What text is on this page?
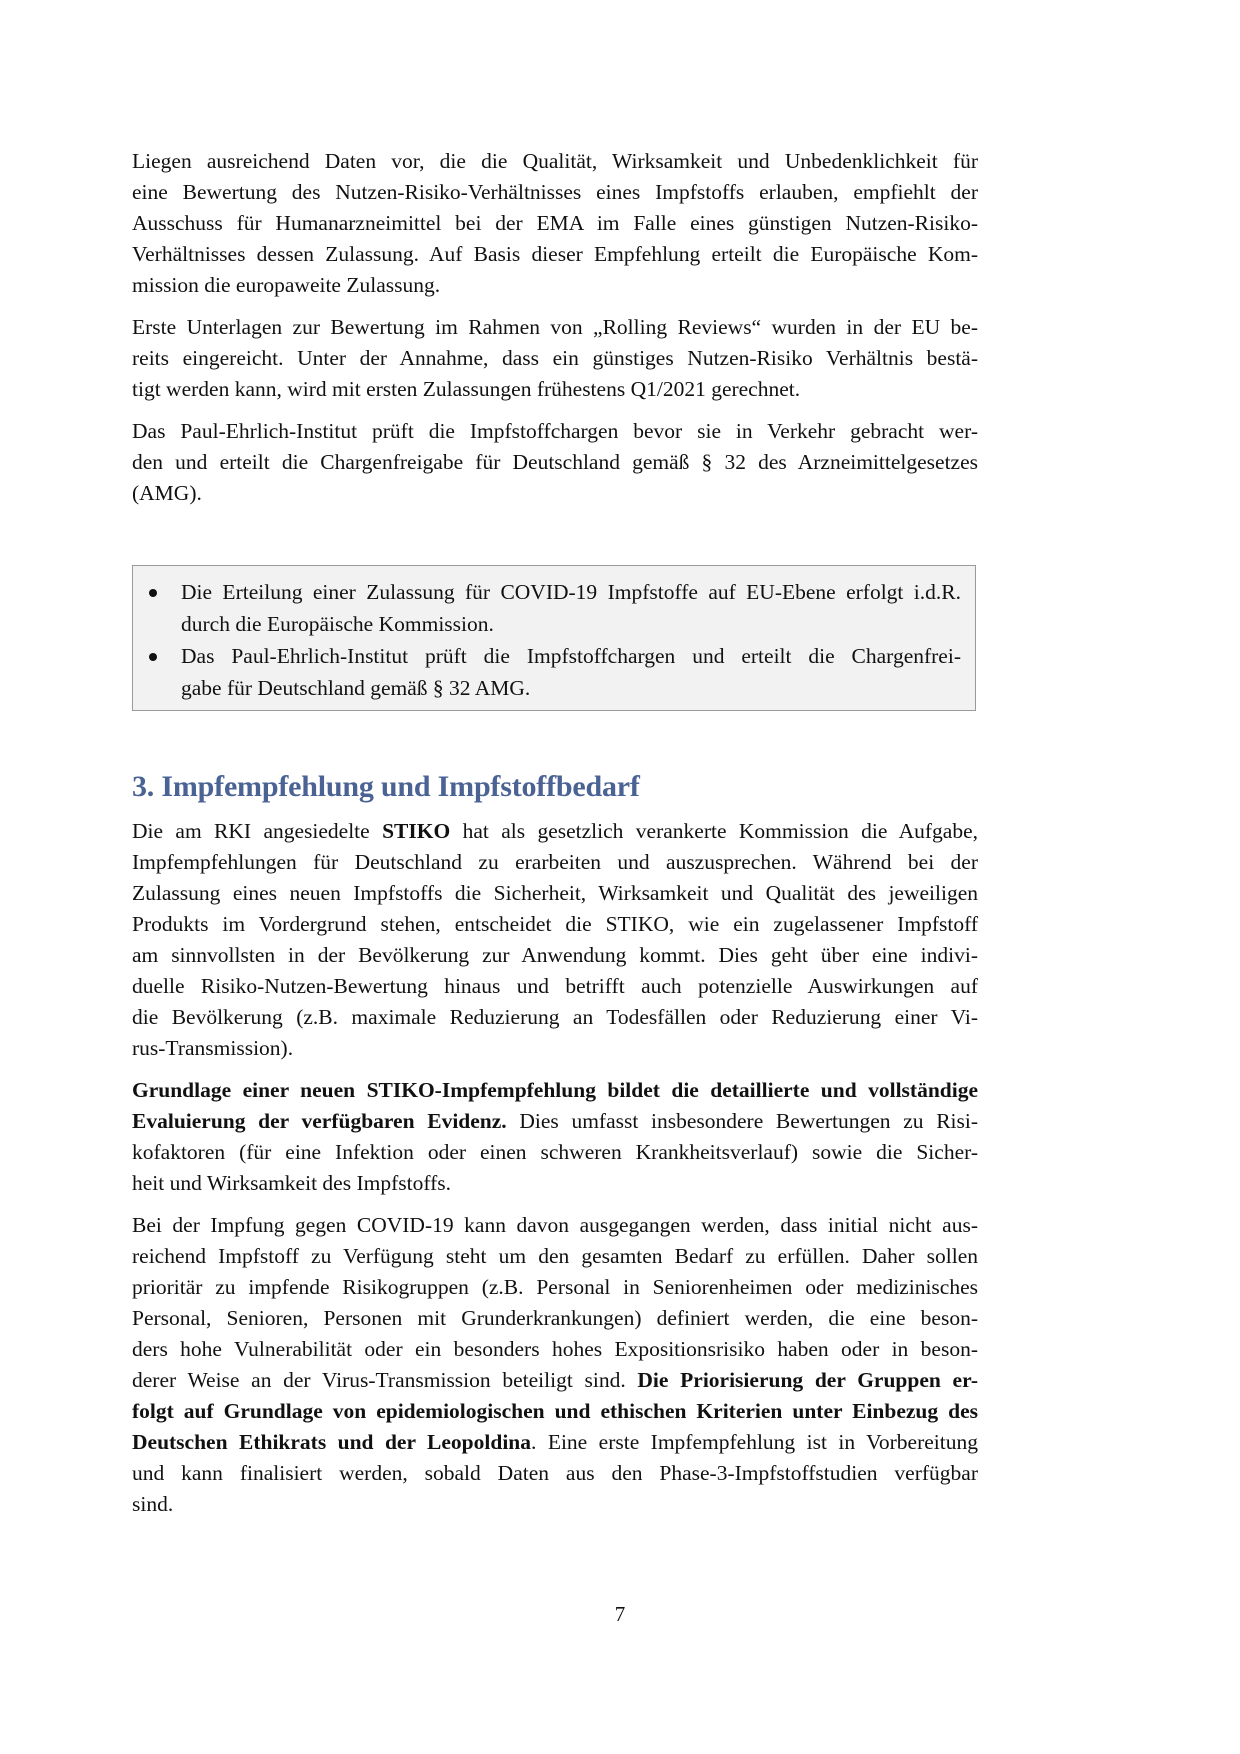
Liegen ausreichend Daten vor, die die Qualität, Wirksamkeit und Unbedenklichkeit für
eine Bewertung des Nutzen-Risiko-Verhältnisses eines Impfstoffs erlauben, empfiehlt der
Ausschuss für Humanarzneimittel bei der EMA im Falle eines günstigen Nutzen-Risiko-
Verhältnisses dessen Zulassung. Auf Basis dieser Empfehlung erteilt die Europäische Kom-
mission die europaweite Zulassung.

Erste Unterlagen zur Bewertung im Rahmen von „Rolling Reviews“ wurden in der EU be-
reits eingereicht. Unter der Annahme, dass ein günstiges Nutzen-Risiko Verhältnis bestä-
tigt werden kann, wird mit ersten Zulassungen frühestens Q1/2021 gerechnet.

Das Paul-Ehrlich-Institut prüft die Impfstoffchargen bevor sie in Verkehr gebracht wer-
den und erteilt die Chargenfreigabe für Deutschland gemäß § 32 des Arzneimittelgesetzes
(AMG).

Die Erteilung einer Zulassung für COVID-19 Impfstoffe auf EU-Ebene erfolgt i.d.R.
durch die Europäische Kommission.
Das Paul-Ehrlich-Institut prüft die Impfstoffchargen und erteilt die Chargenfrei-
gabe für Deutschland gemäß § 32 AMG.
3. Impfempfehlung und Impfstoffbedarf

Die am RKI angesiedelte STIKO hat als gesetzlich verankerte Kommission die Aufgabe,
Impfempfehlungen für Deutschland zu erarbeiten und auszusprechen. Während bei der
Zulassung eines neuen Impfstoffs die Sicherheit, Wirksamkeit und Qualität des jeweiligen
Produkts im Vordergrund stehen, entscheidet die STIKO, wie ein zugelassener Impfstoff
am sinnvollsten in der Bevölkerung zur Anwendung kommt. Dies geht über eine indivi-
duelle Risiko-Nutzen-Bewertung hinaus und betrifft auch potenzielle Auswirkungen auf
die Bevölkerung (z.B. maximale Reduzierung an Todesfällen oder Reduzierung einer Vi-
rus-Transmission).

Grundlage einer neuen STIKO-Impfempfehlung bildet die detaillierte und vollständige
Evaluierung der verfügbaren Evidenz. Dies umfasst insbesondere Bewertungen zu Risi-
kofaktoren (für eine Infektion oder einen schweren Krankheitsverlauf) sowie die Sicher-
heit und Wirksamkeit des Impfstoffs.

Bei der Impfung gegen COVID-19 kann davon ausgegangen werden, dass initial nicht aus-
reichend Impfstoff zu Verfügung steht um den gesamten Bedarf zu erfüllen. Daher sollen
prioritär zu impfende Risikogruppen (z.B. Personal in Seniorenheimen oder medizinisches
Personal, Senioren, Personen mit Grunderkrankungen) definiert werden, die eine beson-
ders hohe Vulnerabilität oder ein besonders hohes Expositionsrisiko haben oder in beson-
derer Weise an der Virus-Transmission beteiligt sind. Die Priorisierung der Gruppen er-
folgt auf Grundlage von epidemiologischen und ethischen Kriterien unter Einbezug des
Deutschen Ethikrats und der Leopoldina. Eine erste Impfempfehlung ist in Vorbereitung
und kann finalisiert werden, sobald Daten aus den Phase-3-Impfstoffstudien verfügbar
sind.

7
